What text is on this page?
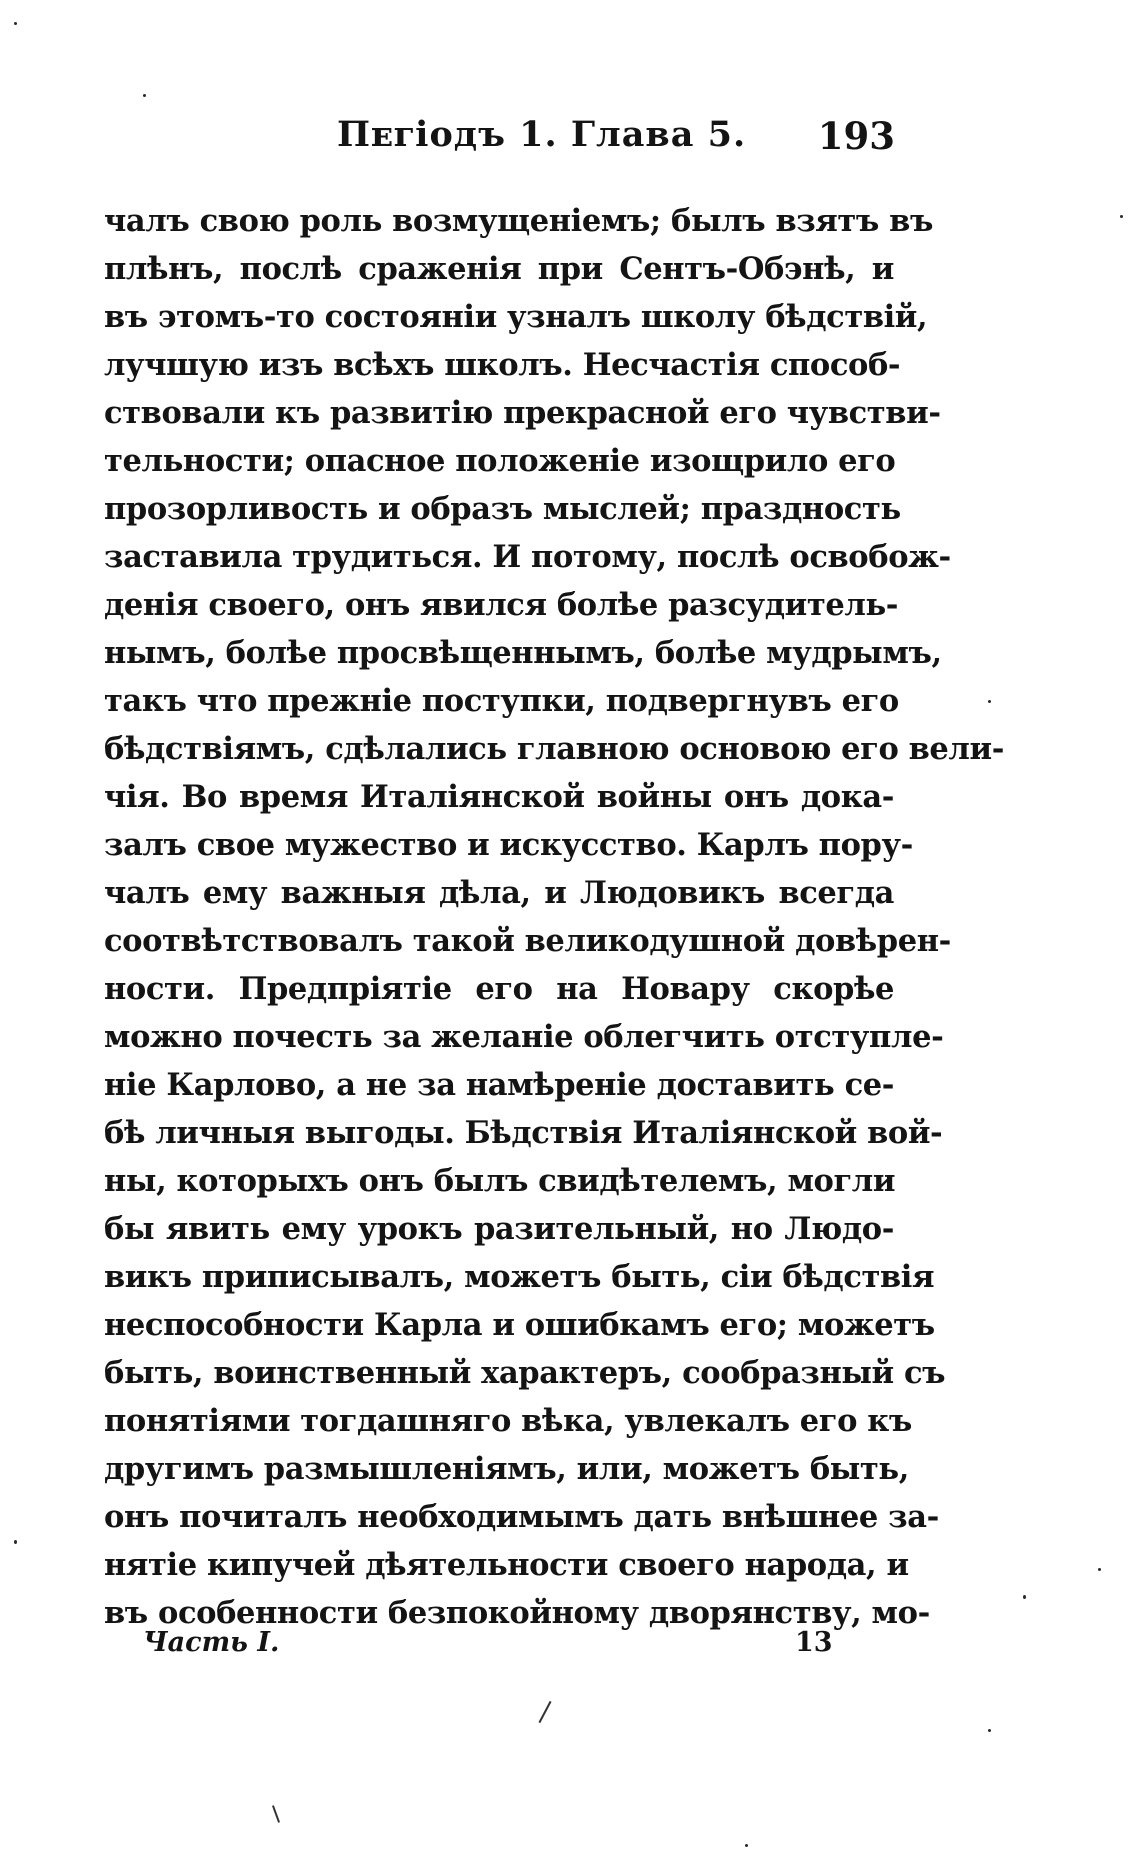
Пᴇᴦіодъ 1. Глава 5. 193
чалъ свою роль возмущеніемъ; былъ взятъ въ
плѣнъ, послѣ сраженія при Сентъ-Обэнѣ, и
въ этомъ-то состояніи узналъ школу бѣдствій,
лучшую изъ всѣхъ школъ. Несчастія способ-
ствовали къ развитію прекрасной его чувстви-
тельности; опасное положеніе изощрило его
прозорливость и образъ мыслей; праздность
заставила трудиться. И потому, послѣ освобож-
денія своего, онъ явился болѣе разсудитель-
нымъ, болѣе просвѣщеннымъ, болѣе мудрымъ,
такъ что прежніе поступки, подвергнувъ его
бѣдствіямъ, сдѣлались главною основою его вели-
чія. Во время Италіянской войны онъ дока-
залъ свое мужество и искусство. Карлъ пору-
чалъ ему важныя дѣла, и Людовикъ всегда
соотвѣтствовалъ такой великодушной довѣрен-
ности. Предпріятіе его на Новару скорѣе
можно почесть за желаніе облегчить отступле-
ніе Карлово, а не за намѣреніе доставить се-
бѣ личныя выгоды. Бѣдствія Италіянской вой-
ны, которыхъ онъ былъ свидѣтелемъ, могли
бы явить ему урокъ разительный, но Людо-
викъ приписывалъ, можетъ быть, сіи бѣдствія
неспособности Карла и ошибкамъ его; можетъ
быть, воинственный характеръ, сообразный съ
понятіями тогдашняго вѣка, увлекалъ его къ
другимъ размышленіямъ, или, можетъ быть,
онъ почиталъ необходимымъ дать внѣшнее за-
нятіе кипучей дѣятельности своего народа, и
въ особенности безпокойному дворянству, мо-
Часть I.	13
